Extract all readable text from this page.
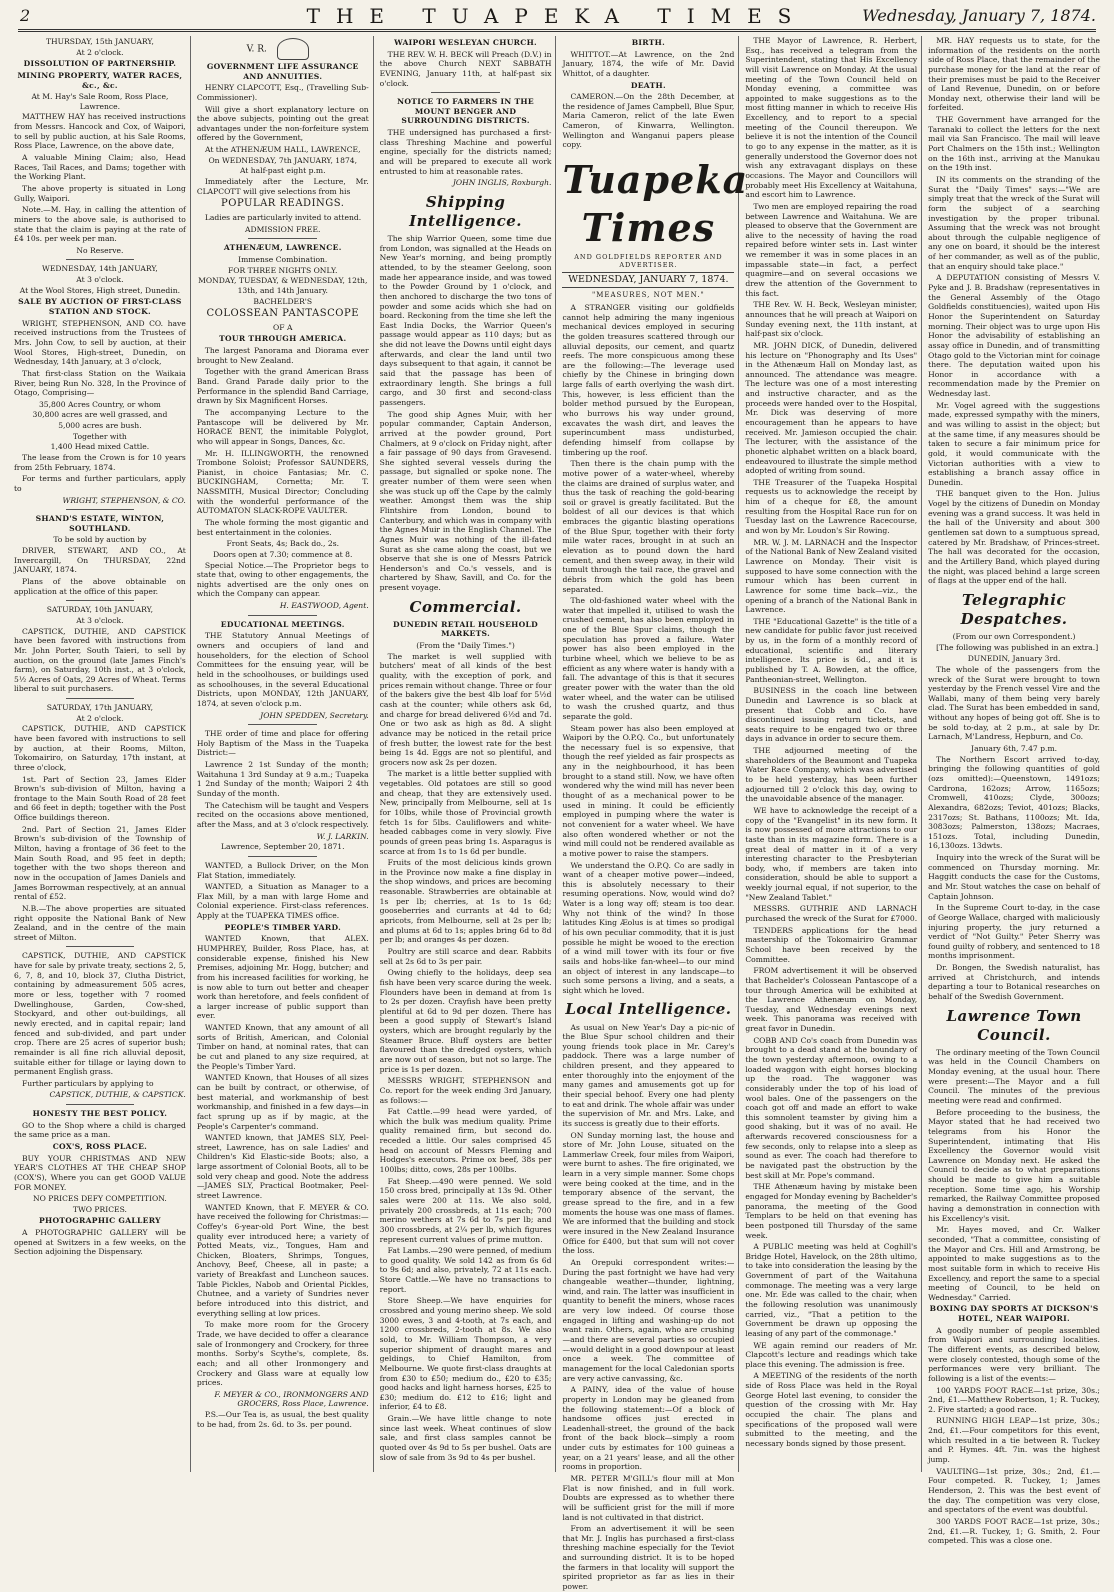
2	THE TUAPEKA TIMES	Wednesday, January 7, 1874.
THURSDAY, 15th JANUARY,
At 2 o'clock.
DISSOLUTION OF PARTNERSHIP.
MINING PROPERTY, WATER RACES, &c., &c.
At M. Hay's Sale Room, Ross Place, Lawrence.

MATTHEW HAY has received instructions from Messrs. Hancock and Cox, of Waipori, to sell by public auction, at his Sale Rooms, Ross Place, Lawrence, on the above date,

A valuable Mining Claim; also, Head Races, Tail Races, and Dams; together with the Working Plant.

The above property is situated in Long Gully, Waipori.

Note.—M. Hay, in calling the attention of miners to the above sale, is authorised to state that the claim is paying at the rate of £4 10s. per week per man.

No Reserve.
WEDNESDAY, 14th JANUARY,
At 3 o'clock.
At the Wool Stores, High street, Dunedin.
SALE BY AUCTION OF FIRST-CLASS STATION AND STOCK.

WRIGHT, STEPHENSON, AND CO. have received instructions from the Trustees of Mrs. John Cow, to sell by auction, at their Wool Stores, High-street, Dunedin, on Wednesday, 14th January, at 3 o'clock,

That first-class Station on the Waikaia River, being Run No. 328, In the Province of Otago, Comprising—

35,800 Acres Country, or whom
30,800 acres are well grassed, and
5,000 acres are bush.
Together with
1,400 Head mixed Cattle.

The lease from the Crown is for 10 years from 25th February, 1874.

For terms and further particulars, apply to

WRIGHT, STEPHENSON, & CO.
SHAND'S ESTATE, WINTON, SOUTHLAND.
To be sold by auction by

DRIVER, STEWART, AND CO., At Invercargill, On THURSDAY, 22nd JANUARY, 1874.

Plans of the above obtainable on application at the office of this paper.

SATURDAY, 10th JANUARY,
At 3 o'clock.

CAPSTICK, DUTHIE, AND CAPSTICK have been favored with instructions from Mr. John Porter, South Taieri, to sell by auction, on the ground (late James Finch's farm), on Saturday, 10th inst., at 3 o'clock, 5½ Acres of Oats, 29 Acres of Wheat. Terms liberal to suit purchasers.

SATURDAY, 17th JANUARY,
At 2 o'clock.

CAPSTICK, DUTHIE, AND CAPSTICK have been favored with instructions to sell by auction, at their Rooms, Milton, Tokomairiro, on Saturday, 17th instant, at three o'clock,

1st. Part of Section 23, James Elder Brown's sub-division of Milton, having a frontage to the Main South Road of 28 feet and 66 feet in depth; together with the Post Office buildings thereon.

2nd. Part of Section 21, James Elder Brown's sub-division of the Township of Milton, having a frontage of 36 feet to the Main South Road, and 95 feet in depth; together with the two shops thereon and now in the occupation of James Daniels and James Borrowman respectively, at an annual rental of £52.

N.B.—The above properties are situated right opposite the National Bank of New Zealand, and in the centre of the main street of Milton.

CAPSTICK, DUTHIE, AND CAPSTICK have for sale by private treaty, sections 2, 5, 6, 7, 8, and 10, block 37, Clutha District, containing by admeasurement 505 acres, more or less, together with 7 roomed Dwellinghouse, Garden, Cow-shed, Stockyard, and other out-buildings, all newly erected, and in capital repair; land fenced and sub-divided, and part under crop. There are 25 acres of superior bush; remainder is all fine rich alluvial deposit, suitable either for tillage or laying down to permanent English grass.

Further particulars by applying to

CAPSTICK, DUTHIE, & CAPSTICK.
HONESTY THE BEST POLICY.

GO to the Shop where a child is charged the same price as a man.

COX'S, ROSS PLACE.

BUY YOUR CHRISTMAS AND NEW YEAR'S CLOTHES AT THE CHEAP SHOP (COX'S), Where you can get GOOD VALUE FOR MONEY.

NO PRICES DEFY COMPETITION.
TWO PRICES.
PHOTOGRAPHIC GALLERY

A PHOTOGRAPHIC GALLERY will be opened at Switzers in a few weeks, on the Section adjoining the Dispensary.

V. R.
GOVERNMENT LIFE ASSURANCE AND ANNUITIES.

HENRY CLAPCOTT, Esq., (Travelling Sub-Commissioner).

Will give a short explanatory lecture on the above subjects, pointing out the great advantages under the non-forfeiture system offered by the Government,

At the ATHENÆUM HALL, LAWRENCE,
On WEDNESDAY, 7th JANUARY, 1874,
At half-past eight p.m.

Immediately after the Lecture, Mr. CLAPCOTT will give selections from his

POPULAR READINGS.

Ladies are particularly invited to attend.

ADMISSION FREE.
ATHENÆUM, LAWRENCE.
Immense Combination.
FOR THREE NIGHTS ONLY.
MONDAY, TUESDAY, & WEDNESDAY, 12th, 13th, and 14th January.
BACHELDER'S
COLOSSEAN PANTASCOPE
OF A
TOUR THROUGH AMERICA.

The largest Panorama and Diorama ever brought to New Zealand.

Together with the grand American Brass Band. Grand Parade daily prior to the Performance in the splendid Band Carriage, drawn by Six Magnificent Horses.

The accompanying Lecture to the Pantascope will be delivered by Mr. HORACE BENT, the inimitable Polyglot, who will appear in Songs, Dances, &c.

Mr. H. ILLINGWORTH, the renowned Trombone Soloist; Professor SAUNDERS, Pianist, in choice Fantasias; Mr. C. BUCKINGHAM, Cornetta; Mr. T. NASSMITH, Musical Director; Concluding with the wonderful performance of the AUTOMATON SLACK-ROPE VAULTER.

The whole forming the most gigantic and best entertainment in the colonies.

Front Seats, 4s; Back do., 2s.
Doors open at 7.30; commence at 8.

Special Notice.—The Proprietor begs to state that, owing to other engagements, the nights advertised are the only ones on which the Company can appear.

H. EASTWOOD, Agent.
EDUCATIONAL MEETINGS.

THE Statutory Annual Meetings of owners and occupiers of land and householders, for the election of School Committees for the ensuing year, will be held in the schoolhouses, or buildings used as schoolhouses, in the several Educational Districts, upon MONDAY, 12th JANUARY, 1874, at seven o'clock p.m.

JOHN SPEDDEN, Secretary.

THE order of time and place for offering Holy Baptism of the Mass in the Tuapeka District:—

Lawrence 2 1st Sunday of the month; Waitahuna 1 3rd Sunday at 9 a.m.; Tuapeka 1 2nd Sunday of the month; Waipori 2 4th Sunday of the month.

The Catechism will be taught and Vespers recited on the occasions above mentioned, after the Mass, and at 3 o'clock respectively.

W. J. LARKIN.
Lawrence, September 20, 1871.

WANTED, a Bullock Driver, on the Mon Flat Station, immediately.

WANTED, a Situation as Manager to a Flax Mill, by a man with large Home and Colonial experience. First-class references. Apply at the TUAPEKA TIMES office.

PEOPLE'S TIMBER YARD.

WANTED Known, that ALEX. HUMPHREY, Builder, Ross Place, has, at considerable expense, finished his New Premises, adjoining Mr. Hogg, butcher; and from his increased facilities for working, he is now able to turn out better and cheaper work than heretofore, and feels confident of a larger increase of public support than ever.

WANTED Known, that any amount of all sorts of British, American, and Colonial Timber on hand, at nominal rates, that can be cut and planed to any size required, at the People's Timber Yard.

WANTED Known, that Houses of all sizes can be built by contract, or otherwise, of best material, and workmanship of best workmanship, and finished in a few days—in fact sprung up as if by magic, at the People's Carpenter's command.

WANTED known, that JAMES SLY, Peel-street, Lawrence, has on sale Ladies' and Children's Kid Elastic-side Boots; also, a large assortment of Colonial Boots, all to be sold very cheap and good. Note the address—JAMES SLY, Practical Bootmaker, Peel-street Lawrence.

WANTED Known, that F. MEYER & CO. have received the following for Christmas:—Coffey's 6-year-old Port Wine, the best quality ever introduced here; a variety of Potted Meats, viz., Tongues, Ham and Chicken, Bloaters, Shrimps, Tongues, Anchovy, Beef, Cheese, all in paste; a variety of Breakfast and Luncheon sauces. Table Pickles, Nabob and Oriental Pickles, Chutnee, and a variety of Sundries never before introduced into this district, and everything selling at low prices.

To make more room for the Grocery Trade, we have decided to offer a clearance sale of Ironmongery and Crockery, for three months. Sorby's Scythe's, complete, 8s. each; and all other Ironmongery and Crockery and Glass ware at equally low prices.

F. MEYER & CO., IRONMONGERS AND GROCERS, Ross Place, Lawrence.

P.S.—Our Tea is, as usual, the best quality to be had, from 2s. 6d. to 3s. per pound.

WAIPORI WESLEYAN CHURCH.

THE REV. W. H. BECK will Preach (D.V.) in the above Church NEXT SABBATH EVENING, January 11th, at half-past six o'clock.

NOTICE TO FARMERS IN THE MOUNT BENGER AND SURROUNDING DISTRICTS.

THE undersigned has purchased a first-class Threshing Machine and powerful engine, specially for the districts named; and will be prepared to execute all work entrusted to him at reasonable rates.

JOHN INGLIS, Roxburgh.
Shipping Intelligence.

The ship Warrior Queen, some time due from London, was signalled at the Heads on New Year's morning, and being promptly attended, to by the steamer Geelong, soon made her appearance inside, and was towed to the Powder Ground by 1 o'clock, and then anchored to discharge the two tons of powder and some acids which she had on board. Reckoning from the time she left the East India Docks, the Warrior Queen's passage would appear as 110 days; but as she did not leave the Downs until eight days afterwards, and clear the land until two days subsequent to that again, it cannot be said that the passage has been of extraordinary length. She brings a full cargo, and 30 first and second-class passengers.

The good ship Agnes Muir, with her popular commander, Captain Anderson, arrived at the powder ground, Port Chalmers, at 9 o'clock on Friday night, after a fair passage of 90 days from Gravesend. She sighted several vessels during the passage, but signalled or spoke none. The greater number of them were seen when she was stuck up off the Cape by the calmly weather. Amongst them was the ship Flintshire from London, bound to Canterbury, and which was in company with the Agnes Muir in the English Channel. The Agnes Muir was nothing of the ill-fated Surat as she came along the coast, but we observe that she is one of Messrs Patrick Henderson's and Co.'s vessels, and is chartered by Shaw, Savill, and Co. for the present voyage.

Commercial.
DUNEDIN RETAIL HOUSEHOLD MARKETS.
(From the "Daily Times.")

The market is well supplied with butchers' meat of all kinds of the best quality, with the exception of pork, and prices remain without change. Three or four of the bakers give the best 4lb loaf for 5½d cash at the counter; while others ask 6d, and charge for bread delivered 6½d and 7d. One or two ask as high as 8d. A slight advance may be noticed in the retail price of fresh butter, the lowest rate for the best being 1s 4d. Eggs are not so plentiful, and grocers now ask 2s per dozen.

The market is a little better supplied with vegetables. Old potatoes are still so good and cheap, that they are extensively used. New, principally from Melbourne, sell at 1s for 10lbs, while those of Provincial growth fetch 1s for 5lbs. Cauliflowers and white-headed cabbages come in very slowly. Five pounds of green peas bring 1s. Asparagus is scarce at from 1s to 1s 6d per bundle.

Fruits of the most delicious kinds grown in the Province now make a fine display in the shop windows, and prices are becoming reasonable. Strawberries are obtainable at 1s per lb; cherries, at 1s to 1s 6d; gooseberries and currants at 4d to 6d; apricots, from Melbourne, sell at 2s per lb; and plums at 6d to 1s; apples bring 6d to 8d per lb; and oranges 4s per dozen.

Poultry are still scarce and dear. Rabbits sell at 2s 6d to 3s per pair.

Owing chiefly to the holidays, deep sea fish have been very scarce during the week. Flounders have been in demand at from 1s to 2s per dozen. Crayfish have been pretty plentiful at 6d to 9d per dozen. There has been a good supply of Stewart's Island oysters, which are brought regularly by the Steamer Bruce. Bluff oysters are better flavoured than the dredged oysters, which are now out of season, but not so large. The price is 1s per dozen.

MESSRS WRIGHT, STEPHENSON and Co. report for the week ending 3rd January, as follows:—

Fat Cattle.—99 head were yarded, of which the bulk was medium quality. Prime quality remained firm, but second do. receded a little. Our sales comprised 45 head on account of Messrs Fleming and Hodges's executors. Prime ox beef, 38s per 100lbs; ditto, cows, 28s per 100lbs.

Fat Sheep.—490 were penned. We sold 150 cross bred, principally at 13s 9d. Other sales were 200 at 11s. We also sold, privately 200 crossbreds, at 11s each; 700 merino wethers at 7s 6d to 7s per lb; and 300 crossbreds, at 2¼ per lb, which figures represent current values of prime mutton.

Fat Lambs.—290 were penned, of medium to good quality. We sold 142 as from 6s 6d to 9s 6d; and also, privately, 72 at 11s each. Store Cattle.—We have no transactions to report.

Store Sheep.—We have enquiries for crossbred and young merino sheep. We sold 3000 ewes, 3 and 4-tooth, at 7s each, and 1200 crossbreds, 2-tooth at 8s. We also sold, to Mr. William Thompson, a very superior shipment of draught mares and geldings, to Chief Hamilton, from Melbourne. We quote first-class draughts at from £30 to £50; medium do., £20 to £35; good hacks and light harness horses, £25 to £30; medium do. £12 to £16; light and inferior, £4 to £8.

Grain.—We have little change to note since last week. Wheat continues of slow sale, and first class samples cannot be quoted over 4s 9d to 5s per bushel. Oats are slow of sale from 3s 9d to 4s per bushel.

BIRTH.

WHITTOT.—At Lawrence, on the 2nd January, 1874, the wife of Mr. David Whittot, of a daughter.

DEATH.

CAMERON.—On the 28th December, at the residence of James Campbell, Blue Spur, Maria Cameron, relict of the late Ewen Cameron, of Kinwarra, Wellington. Wellington and Wanganui papers please copy.

Tuapeka Times
AND GOLDFIELDS REPORTER AND ADVERTISER.
WEDNESDAY, JANUARY 7, 1874.
"MEASURES, NOT MEN."

A STRANGER visiting our goldfields cannot help admiring the many ingenious mechanical devices employed in securing the golden treasures scattered through our alluvial deposits, our cement, and quartz reefs. The more conspicuous among these are the following:—The leverage used chiefly by the Chinese in bringing down large falls of earth overlying the wash dirt. This, however, is less efficient than the bolder method pursued by the European, who burrows his way under ground, excavates the wash dirt, and leaves the superincumbent mass undisturbed, defending himself from collapse by timbering up the roof.

Then there is the chain pump with the motive power of a water-wheel, whereby the claims are drained of surplus water, and thus the task of reaching the gold-bearing soil or gravel is greatly facilitated. But the boldest of all our devices is that which embraces the gigantic blasting operations of the Blue Spur, together with their forty mile water races, brought in at such an elevation as to pound down the hard cement, and then sweep away, in their wild tumult through the tail race, the gravel and débris from which the gold has been separated.

The old-fashioned water wheel with the water that impelled it, utilised to wash the crushed cement, has also been employed in one of the Blue Spur claims, though the speculation has proved a failure. Water power has also been employed in the turbine wheel, which we believe to be as efficient as any where water is handy with a fall. The advantage of this is that it secures greater power with the water than the old water wheel, and the water can be utilised to wash the crushed quartz, and thus separate the gold.

Steam power has also been employed at Waipori by the O.P.Q. Co., but unfortunately the necessary fuel is so expensive, that though the reef yielded as fair prospects as any in the neighbourhood, it has been brought to a stand still. Now, we have often wondered why the wind mill has never been thought of as a mechanical power to be used in mining. It could be efficiently employed in pumping where the water is not convenient for a water wheel. We have also often wondered whether or not the wind mill could not be rendered available as a motive power to raise the stampers.

We understand the O.P.Q. Co are sadly in want of a cheaper motive power—indeed, this is absolutely necessary to their resuming operations. Now, would wind do? Water is a long way off; steam is too dear. Why not think of the wind? In those latitudes King Æolus is at times so prodigal of his own peculiar commodity, that it is just possible he might be wooed to the erection of a wind mill tower with its four or five sails and hobs-like fan-wheel—to our mind an object of interest in any landscape—to such some persons a living, and a seats, a sight which he loved.

Local Intelligence.

As usual on New Year's Day a pic-nic of the Blue Spur school children and their young friends took place in Mr. Carey's paddock. There was a large number of children present, and they appeared to enter thoroughly into the enjoyment of the many games and amusements got up for their special behoof. Every one had plenty to eat and drink. The whole affair was under the supervision of Mr. and Mrs. Lake, and its success is greatly due to their efforts.

ON Sunday morning last, the house and store of Mr. John Louse, situated on the Lammerlaw Creek, four miles from Waipori, were burnt to ashes. The fire originated, we learn in a very simple manner. Some chops were being cooked at the time, and in the temporary absence of the servant, the grease spread to the fire, and in a few moments the house was one mass of flames. We are informed that the building and stock were insured in the New Zealand Insurance Office for £400, but that sum will not cover the loss.

An Orepuki correspondent writes:—During the past fortnight we have had very changeable weather—thunder, lightning, wind, and rain. The latter was insufficient in quantity to benefit the miners, whose races are very low indeed. Of course those engaged in lifting and washing-up do not want rain. Others, again, who are crushing—and there are several parties so occupied—would delight in a good downpour at least once a week. The committee of management for the local Caledonian sports are very active canvassing, &c.

A PAINY, idea of the value of house property in London may be gleaned from the following statement:—Of a block of handsome offices just erected in Leadenhall-street, the ground of the back front of the back block—simply a room under cuts by estimates for 100 guineas a year, on a 21 years' lease, and all the other rooms in proportion.

MR. PETER M'GILL's flour mill at Mon Flat is now finished, and in full work. Doubts are expressed as to whether there will be sufficient grist for the mill if more land is not cultivated in that district.

From an advertisement it will be seen that Mr. J. Inglis has purchased a first-class threshing machine especially for the Teviot and surrounding district. It is to be hoped the farmers in that locality will support the spirited proprietor as far as lies in their power.

THE Mayor of Lawrence, R. Herbert, Esq., has received a telegram from the Superintendent, stating that His Excellency will visit Lawrence on Monday. At the usual meeting of the Town Council held on Monday evening, a committee was appointed to make suggestions as to the most fitting manner in which to receive His Excellency, and to report to a special meeting of the Council thereupon. We believe it is not the intention of the Council to go to any expense in the matter, as it is generally understood the Governor does not wish any extravagant displays on these occasions. The Mayor and Councillors will probably meet His Excellency at Waitahuna, and escort him to Lawrence.

Two men are employed repairing the road between Lawrence and Waitahuna. We are pleased to observe that the Government are alive to the necessity of having the road repaired before winter sets in. Last winter we remember it was in some places in an impassable state—in fact, a perfect quagmire—and on several occasions we drew the attention of the Government to this fact.

THE Rev. W. H. Beck, Wesleyan minister, announces that he will preach at Waipori on Sunday evening next, the 11th instant, at half-past six o'clock.

MR. JOHN DICK, of Dunedin, delivered his lecture on "Phonography and Its Uses" in the Athenæum Hall on Monday last, as announced. The attendance was meagre. The lecture was one of a most interesting and instructive character, and as the proceeds were handed over to the Hospital, Mr. Dick was deserving of more encouragement than he appears to have received. Mr. Jamieson occupied the chair. The lecturer, with the assistance of the phonetic alphabet written on a black board, endeavoured to illustrate the simple method adopted of writing from sound.

THE Treasurer of the Tuapeka Hospital requests us to acknowledge the receipt by him of a cheque for £8, the amount resulting from the Hospital Race run for on Tuesday last on the Lawrence Racecourse, and won by Mr. Loudon's Sir Rowing.

MR. W. J. M. LARNACH and the Inspector of the National Bank of New Zealand visited Lawrence on Monday. Their visit is supposed to have some connection with the rumour which has been current in Lawrence for some time back—viz., the opening of a branch of the National Bank in Lawrence.

THE "Educational Gazette" is the title of a new candidate for public favor just received by us, in the form of a monthly record of educational, scientific and literary intelligence. Its price is 6d., and it is published by T. A. Bowden, at the office, Pantheonian-street, Wellington.

BUSINESS in the coach line between Dunedin and Lawrence is so black at present that Cobb and Co. have discontinued issuing return tickets, and seats require to be engaged two or three days in advance in order to secure them.

THE adjourned meeting of the shareholders of the Beaumont and Tuapeka Water Race Company, which was advertised to be held yesterday, has been further adjourned till 2 o'clock this day, owing to the unavoidable absence of the manager.

WE have to acknowledge the receipt of a copy of the "Evangelist" in its new form. It is now possessed of more attractions to our taste than in its magazine form. There is a great deal of matter in it of a very interesting character to the Presbyterian body, who, if members are taken into consideration, should be able to support a weekly journal equal, if not superior, to the "New Zealand Tablet."

MESSRS. GUTHRIE AND LARNACH purchased the wreck of the Surat for £7000.

TENDERS applications for the head mastership of the Tokomairiro Grammar School have been received by the Committee.

FROM advertisement it will be observed that Bachelder's Colossean Pantascope of a tour through America will be exhibited at the Lawrence Athenæum on Monday, Tuesday, and Wednesday evenings next week. This panorama was received with great favor in Dunedin.

COBB AND Co's coach from Dunedin was brought to a dead stand at the boundary of the town yesterday afternoon, owing to a loaded waggon with eight horses blocking up the road. The waggoner was considerably under the top of his load of wool bales. One of the passengers on the coach got off and made an effort to wake this somnolent teamster by giving him a good shaking, but it was of no avail. He afterwards recovered consciousness for a few seconds, only to relapse into a sleep as sound as ever. The coach had therefore to be navigated past the obstruction by the best skill at Mr. Pope's command.

THE Athenæum having by mistake been engaged for Monday evening by Bachelder's panorama, the meeting of the Good Templars to be held on that evening has been postponed till Thursday of the same week.

A PUBLIC meeting was held at Coghill's Bridge Hotel, Havelock, on the 28th ultimo, to take into consideration the leasing by the Government of part of the Waitahuna commonage. The meeting was a very large one. Mr. Ede was called to the chair, when the following resolution was unanimously carried, viz., "That a petition to the Government be drawn up opposing the leasing of any part of the commonage."

WE again remind our readers of Mr. Clapcott's lecture and readings which take place this evening. The admission is free.

A MEETING of the residents of the north side of Ross Place was held in the Royal George Hotel last evening, to consider the question of the crossing with Mr. Hay occupied the chair. The plans and specifications of the proposed wall were submitted to the meeting, and the necessary bonds signed by those present.

MR. HAY requests us to state, for the information of the residents on the north side of Ross Place, that the remainder of the purchase money for the land at the rear of their premises must be paid to the Receiver of Land Revenue, Dunedin, on or before Monday next, otherwise their land will be forfeited.

THE Government have arranged for the Taranaki to collect the letters for the next mail via San Francisco. The mail will leave Port Chalmers on the 15th inst.; Wellington on the 16th inst., arriving at the Manukau on the 19th inst.

IN its comments on the stranding of the Surat the "Daily Times" says:—"We are simply treat that the wreck of the Surat will form the subject of a searching investigation by the proper tribunal. Assuming that the wreck was not brought about through the culpable negligence of any one on board, it should be the interest of her commander, as well as of the public, that an enquiry should take place."

A DEPUTATION consisting of Messrs V. Pyke and J. B. Bradshaw (representatives in the General Assembly of the Otago Goldfields constituencies), waited upon His Honor the Superintendent on Saturday morning. Their object was to urge upon His Honor the advisability of establishing an assay office in Dunedin, and of transmitting Otago gold to the Victorian mint for coinage there. The deputation waited upon his Honor in accordance with a recommendation made by the Premier on Wednesday last.

Mr. Vogel agreed with the suggestions made, expressed sympathy with the miners, and was willing to assist in the object; but at the same time, if any measures should be taken to secure a fair minimum price for gold, it would communicate with the Victorian authorities with a view to establishing a branch assay office in Dunedin.

THE banquet given to the Hon. Julius Vogel by the citizens of Dunedin on Monday evening was a grand success. It was held in the hall of the University and about 300 gentlemen sat down to a sumptuous spread, catered by Mr. Bradshaw, of Princes-street. The hall was decorated for the occasion, and the Artillery Band, which played during the night, was placed behind a large screen of flags at the upper end of the hall.

Telegraphic Despatches.
(From our own Correspondent.)

[The following was published in an extra.]

DUNEDIN, January 3rd.

The whole of the passengers from the wreck of the Surat were brought to town yesterday by the French vessel Vire and the Wallabi, many of them being very barely clad. The Surat has been embedded in sand, without any hopes of being got off. She is to be sold to-day, at 2 p.m., at sale by Dr. Larnach, M'Landress, Hepburn, and Co.

January 6th, 7.47 p.m.

The Northern Escort arrived to-day, bringing the following quantities of gold (ozs omitted):—Queenstown, 1491ozs; Cardrona, 162ozs; Arrow, 1165ozs; Cromwell, 410ozs; Clyde, 300ozs; Alexandra, 682ozs; Teviot, 401ozs; Blacks, 2317ozs; St. Bathans, 1100ozs; Mt. Ida, 3083ozs; Palmerston, 138ozs; Macraes, 151ozs. Total, including Dunedin, 16,130ozs. 13dwts.

Inquiry into the wreck of the Surat will be commenced on Thursday morning. Mr. Haggitt conducts the case for the Customs, and Mr. Stout watches the case on behalf of Captain Johnson.

In the Supreme Court to-day, in the case of George Wallace, charged with maliciously injuring property, the jury returned a verdict of "Not Guilty." Peter Sherry was found guilty of robbery, and sentenced to 18 months imprisonment.

Dr. Bongen, the Swedish naturalist, has arrived at Christchurch, and intends departing a tour to Botanical researches on behalf of the Swedish Government.

Lawrence Town Council.

The ordinary meeting of the Town Council was held in the Council Chambers on Monday evening, at the usual hour. There were present:—The Mayor and a full Council. The minutes of the previous meeting were read and confirmed.

Before proceeding to the business, the Mayor stated that he had received two telegrams from his Honor the Superintendent, intimating that His Excellency the Governor would visit Lawrence on Monday next. He asked the Council to decide as to what preparations should be made to give him a suitable reception. Some time ago, his Worship remarked, the Railway Committee proposed having a demonstration in connection with his Excellency's visit.

Mr. Hayes moved, and Cr. Walker seconded, "That a committee, consisting of the Mayor and Crs. Hill and Armstrong, be appointed to make suggestions as to the most suitable form in which to receive His Excellency, and report the same to a special meeting of Council, to be held on Wednesday." Carried.

BOXING DAY SPORTS AT DICKSON'S HOTEL, NEAR WAIPORI.

A goodly number of people assembled from Waipori and surrounding localities. The different events, as described below, were closely contested, though some of the performances were very brilliant. The following is a list of the events:—

100 YARDS FOOT RACE—1st prize, 30s.; 2nd, £1.—Matthew Robertson, 1; R. Tuckey, 2. Five started; a good race.

RUNNING HIGH LEAP—1st prize, 30s.; 2nd, £1.—Four competitors for this event, which resulted in a tie between R. Tuckey and P. Hymes. 4ft. 7in. was the highest jump.

VAULTING—1st prize, 30s.; 2nd, £1.—Four competed. R. Tuckey, 1; James Henderson, 2. This was the best event of the day. The competition was very close, and spectators of the event was doubtful.

300 YARDS FOOT RACE—1st prize, 30s.; 2nd, £1.—R. Tuckey, 1; G. Smith, 2. Four competed. This was a close one.
